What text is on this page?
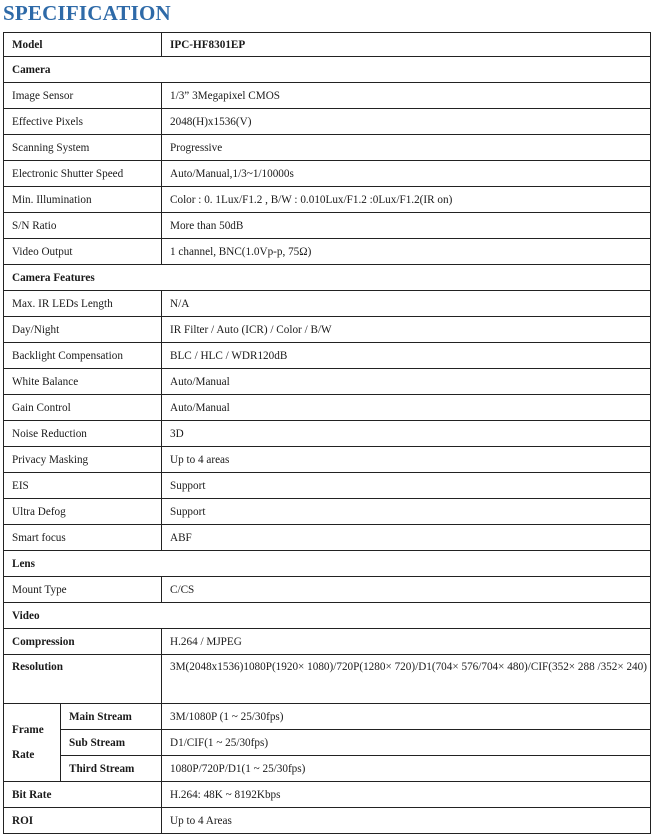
SPECIFICATION
Model		IPC-HF8301EP
Camera		
Image Sensor		1/3” 3Megapixel CMOS
Effective Pixels		2048(H)x1536(V)
Scanning System		Progressive
Electronic Shutter Speed		Auto/Manual,1/3~1/10000s
Min. Illumination		Color : 0. 1Lux/F1.2 , B/W : 0.010Lux/F1.2 :0Lux/F1.2(IR on)
S/N Ratio		More than 50dB
Video Output		1 channel, BNC(1.0Vp-p, 75Ω)
Camera Features		
Max. IR LEDs Length		N/A
Day/Night		IR Filter / Auto (ICR) / Color / B/W
Backlight Compensation		BLC / HLC / WDR120dB
White Balance		Auto/Manual
Gain Control		Auto/Manual
Noise Reduction		3D
Privacy Masking		Up to 4 areas
EIS		Support
Ultra Defog		Support
Smart focus		ABF
Lens		
Mount Type		C/CS
Video		
Compression		H.264 / MJPEG
Resolution		3M(2048x1536)1080P(1920× 1080)/720P(1280× 720)/D1(704× 576/704× 480)/CIF(352× 288 /352× 240)

Frame
Rate	Main Stream	3M/1080P (1 ~ 25/30fps)
	Sub Stream	D1/CIF(1 ~ 25/30fps)
	Third Stream	1080P/720P/D1(1 ~ 25/30fps)
Bit Rate		H.264: 48K ~ 8192Kbps
ROI		Up to 4 Areas
